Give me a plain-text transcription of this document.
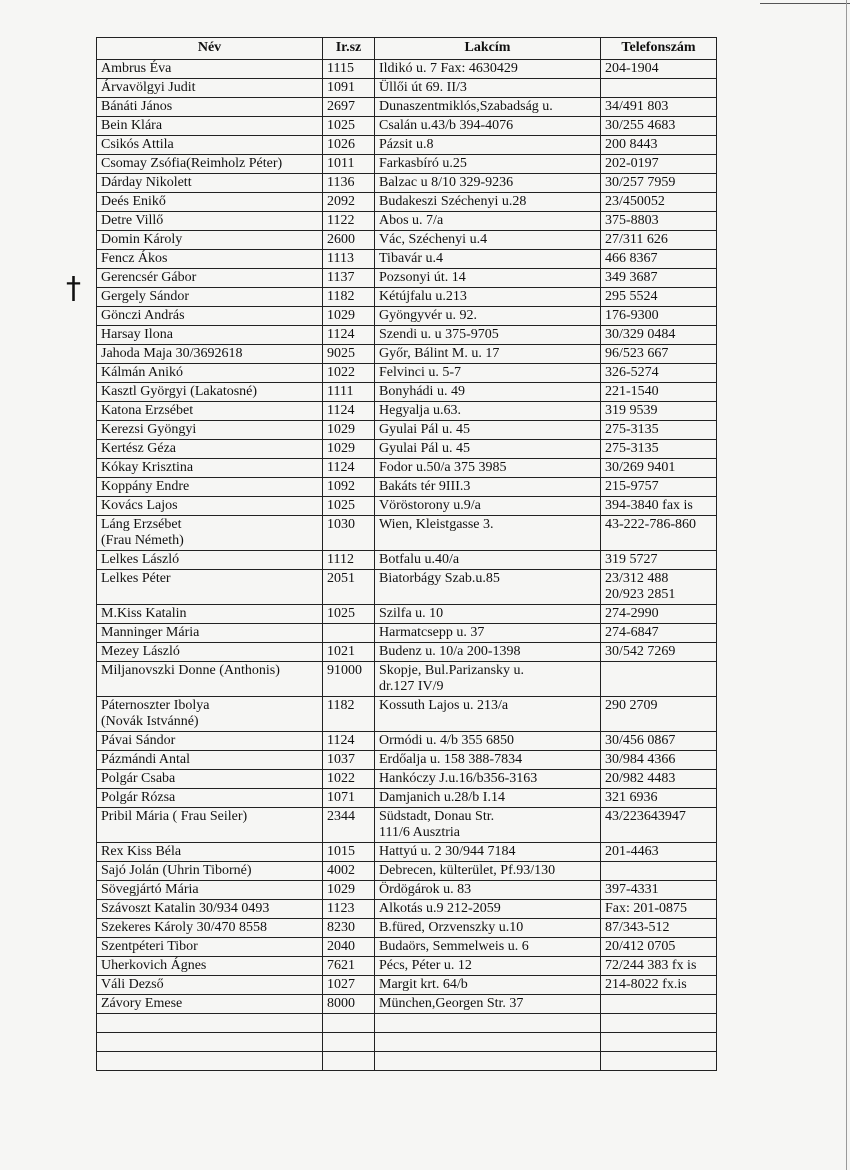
†
Név	Ir.sz	Lakcím	Telefonszám

Ambrus Éva	1115	Ildikó u. 7 Fax: 4630429	204-1904

Árvavölgyi Judit	1091	Üllői út 69. II/3	

Bánáti János	2697	Dunaszentmiklós,Szabadság u.	34/491 803

Bein Klára	1025	Csalán u.43/b 394-4076	30/255 4683

Csikós Attila	1026	Pázsit u.8	200 8443

Csomay Zsófia(Reimholz Péter)	1011	Farkasbíró u.25	202-0197

Dárday Nikolett	1136	Balzac u 8/10 329-9236	30/257 7959

Deés Enikő	2092	Budakeszi Széchenyi u.28	23/450052

Detre Villő	1122	Abos u. 7/a	375-8803

Domin Károly	2600	Vác, Széchenyi u.4	27/311 626

Fencz Ákos	1113	Tibavár u.4	466 8367

Gerencsér Gábor	1137	Pozsonyi út. 14	349 3687

Gergely Sándor	1182	Kétújfalu u.213	295 5524

Gönczi András	1029	Gyöngyvér u. 92.	176-9300

Harsay Ilona	1124	Szendi u. u 375-9705	30/329 0484

Jahoda Maja 30/3692618	9025	Győr, Bálint M. u. 17	96/523 667

Kálmán Anikó	1022	Felvinci u. 5-7	326-5274

Kasztl Györgyi (Lakatosné)	1111	Bonyhádi u. 49	221-1540

Katona Erzsébet	1124	Hegyalja u.63.	319 9539

Kerezsi Gyöngyi	1029	Gyulai Pál u. 45	275-3135

Kertész Géza	1029	Gyulai Pál u. 45	275-3135

Kókay Krisztina	1124	Fodor u.50/a 375 3985	30/269 9401

Koppány Endre	1092	Bakáts tér 9III.3	215-9757

Kovács Lajos	1025	Vöröstorony u.9/a	394-3840 fax is

Láng Erzsébet
(Frau Németh)	1030	Wien, Kleistgasse 3.	43-222-786-860

Lelkes László	1112	Botfalu u.40/a	319 5727

Lelkes Péter	2051	Biatorbágy Szab.u.85	23/312 488
20/923 2851

M.Kiss Katalin	1025	Szilfa u. 10	274-2990

Manninger Mária		Harmatcsepp u. 37	274-6847

Mezey László	1021	Budenz u. 10/a 200-1398	30/542 7269

Miljanovszki Donne (Anthonis)	91000	Skopje, Bul.Parizansky u.
dr.127 IV/9	

Páternoszter Ibolya
(Novák Istvánné)	1182	Kossuth Lajos u. 213/a	290 2709

Pávai Sándor	1124	Ormódi u. 4/b 355 6850	30/456 0867

Pázmándi Antal	1037	Erdőalja u. 158 388-7834	30/984 4366

Polgár Csaba	1022	Hankóczy J.u.16/b356-3163	20/982 4483

Polgár Rózsa	1071	Damjanich u.28/b I.14	321 6936

Pribil Mária ( Frau Seiler)	2344	Südstadt, Donau Str.
111/6 Ausztria	43/223643947

Rex Kiss Béla	1015	Hattyú u. 2 30/944 7184	201-4463

Sajó Jolán (Uhrin Tiborné)	4002	Debrecen, külterület, Pf.93/130	

Sövegjártó Mária	1029	Ördögárok u. 83	397-4331

Szávoszt Katalin 30/934 0493	1123	Alkotás u.9 212-2059	Fax: 201-0875

Szekeres Károly 30/470 8558	8230	B.füred, Orzvenszky u.10	87/343-512

Szentpéteri Tibor	2040	Budaörs, Semmelweis u. 6	20/412 0705

Uherkovich Ágnes	7621	Pécs, Péter u. 12	72/244 383 fx is

Váli Dezső	1027	Margit krt. 64/b	214-8022 fx.is

Závory Emese	8000	München,Georgen Str. 37	
